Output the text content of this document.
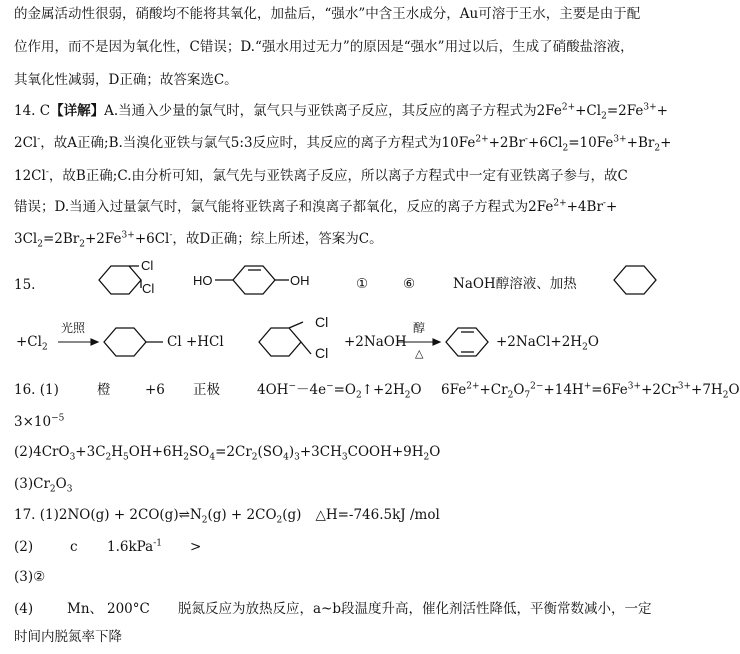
的金属活动性很弱，硝酸均不能将其氧化，加盐后，“强水”中含王水成分，Au可溶于王水，主要是由于配
位作用，而不是因为氧化性，C错误；D.“强水用过无力”的原因是“强水”用过以后，生成了硝酸盐溶液，
其氧化性减弱，D正确；故答案选C。
14. C【详解】A.当通入少量的氯气时，氯气只与亚铁离子反应，其反应的离子方程式为$2Fe^{2+}+Cl_2=2Fe^{3+}+$
2Cl-，故A正确;B.当溴化亚铁与氯气5:3反应时，其反应的离子方程式为$10Fe^{2+}+2Br^-+6Cl_2=10Fe^{3+}+Br_2+$
12Cl-，故B正确;C.由分析可知，氯气先与亚铁离子反应，所以离子方程式中一定有亚铁离子参与，故C
错误；D.当通入过量氯气时，氯气能将亚铁离子和溴离子都氧化，反应的离子方程式为$2Fe^{2+}+4Br^-+$
$3Cl_2=2Br_2+2Fe^{3+}+6Cl^-$，故D正确；综上所述，答案为C。
15.
Cl
Cl
HO	OH
Cl
Cl
①	⑥	NaOH醇溶液、加热
$+Cl_2$
光照
Cl +HCl	+2NaOH
醇
△
$+2NaCl+2H_2O$
16. (1)	橙	+6 正极	$4OH^--4e^-=O_2↑+2H_2O$ $6Fe^{2+}+Cr_2O_7^{2-}+14H^+=6Fe^{3+}+2Cr^{3+}+7H_2O$
$3\times 10^{-5}$
$(2)4CrO_3+3C_2H_5OH+6H_2SO_4=2Cr_2(SO_4)_3+3CH_3COOH+9H_2O$
$(3)Cr_2O_3$
17. $(1)2NO(g) + 2CO(g)\rightleftharpoons N_2(g) + 2CO_2(g)$ △H=-746.5kJ /mol
(2)	c 1.6kPa$^{-1}$ >
(3)②
(4)	Mn、 200°C 脱氮反应为放热反应，a~b段温度升高，催化剂活性降低，平衡常数减小，一定
时间内脱氮率下降
